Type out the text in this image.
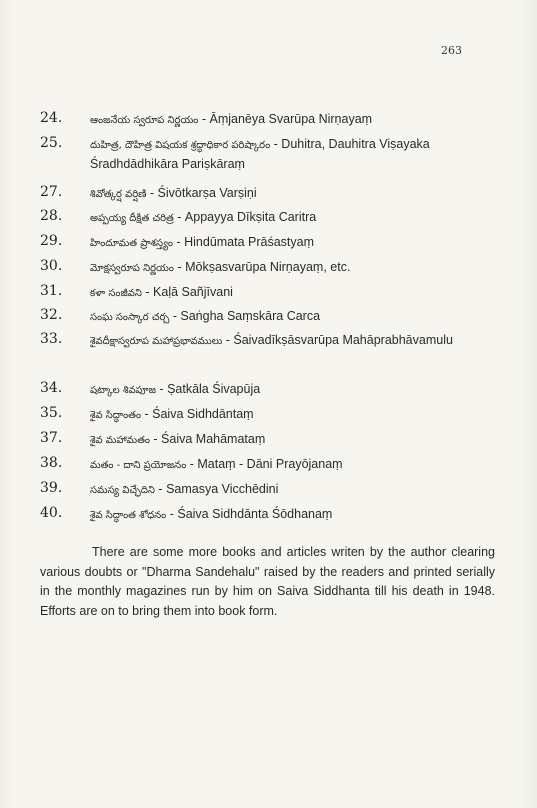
263
24.	ఆంజనేయ స్వరూప నిర్ణయం - Āṃjanēya Svarūpa Nirṇayaṃ
25.	దుహిత్ర, దౌహిత్ర విషయక శ్రద్ధాధికార పరిష్కారం - Duhitra, Dauhitra Viṣayaka Śradhdādhikāra Pariṣkāraṃ
27.	శివోత్కర్ష వర్షిణి - Śivōtkarṣa Varṣiṇi
28.	అప్పయ్య దీక్షిత చరిత్ర - Appayya Dīkṣita Caritra
29.	హిందూమత ప్రాశస్త్యం - Hindūmata Prāśastyaṃ
30.	మోక్షస్వరూప నిర్ణయం - Mōkṣasvarūpa Nirṇayaṃ, etc.
31.	కళా సంజీవని - Kaḷā Sañjīvani
32.	సంఘ సంస్కార చర్చ - Saṅgha Saṃskāra Carca
33.	శైవదీక్షాస్వరూప మహాప్రభావములు - Śaivadīkṣāsvarūpa Mahāprabhāvamulu
34.	షట్కాల శివపూజ - Ṣatkāla Śivapūja
35.	శైవ సిద్ధాంతం - Śaiva Sidhdāntaṃ
37.	శైవ మహామతం - Śaiva Mahāmataṃ
38.	మతం - దాని ప్రయోజనం - Mataṃ - Dāni Prayōjanaṃ
39.	సమస్య విచ్ఛేదిని - Samasya Vicchēdini
40.	శైవ సిద్ధాంత శోధనం - Śaiva Sidhdānta Śōdhanaṃ

There are some more books and articles writen by the author clearing various doubts or "Dharma Sandehalu" raised by the readers and printed serially in the monthly magazines run by him on Saiva Siddhanta till his death in 1948. Efforts are on to bring them into book form.
